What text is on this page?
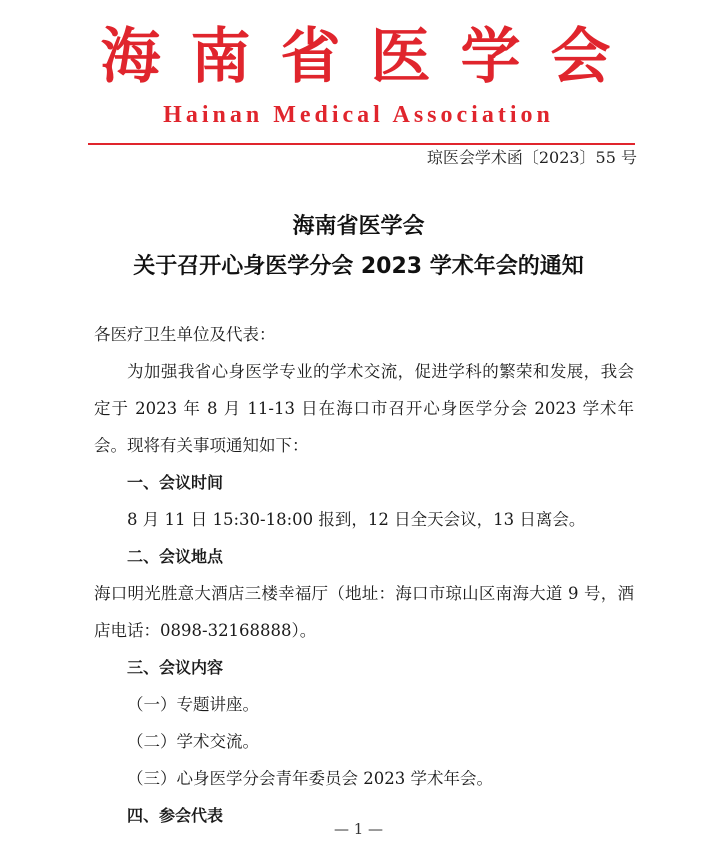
海南省医学会
Hainan Medical Association
琼医会学术函〔2023〕55 号
海南省医学会
关于召开心身医学分会 2023 学术年会的通知

各医疗卫生单位及代表：

为加强我省心身医学专业的学术交流，促进学科的繁荣和发展，我会定于 2023 年 8 月 11-13 日在海口市召开心身医学分会 2023 学术年会。现将有关事项通知如下：

一、会议时间

8 月 11 日 15:30-18:00 报到，12 日全天会议，13 日离会。

二、会议地点

海口明光胜意大酒店三楼幸福厅（地址：海口市琼山区南海大道 9 号，酒店电话：0898-32168888）。

三、会议内容

（一）专题讲座。

（二）学术交流。

（三）心身医学分会青年委员会 2023 学术年会。

四、参会代表

— 1 —
